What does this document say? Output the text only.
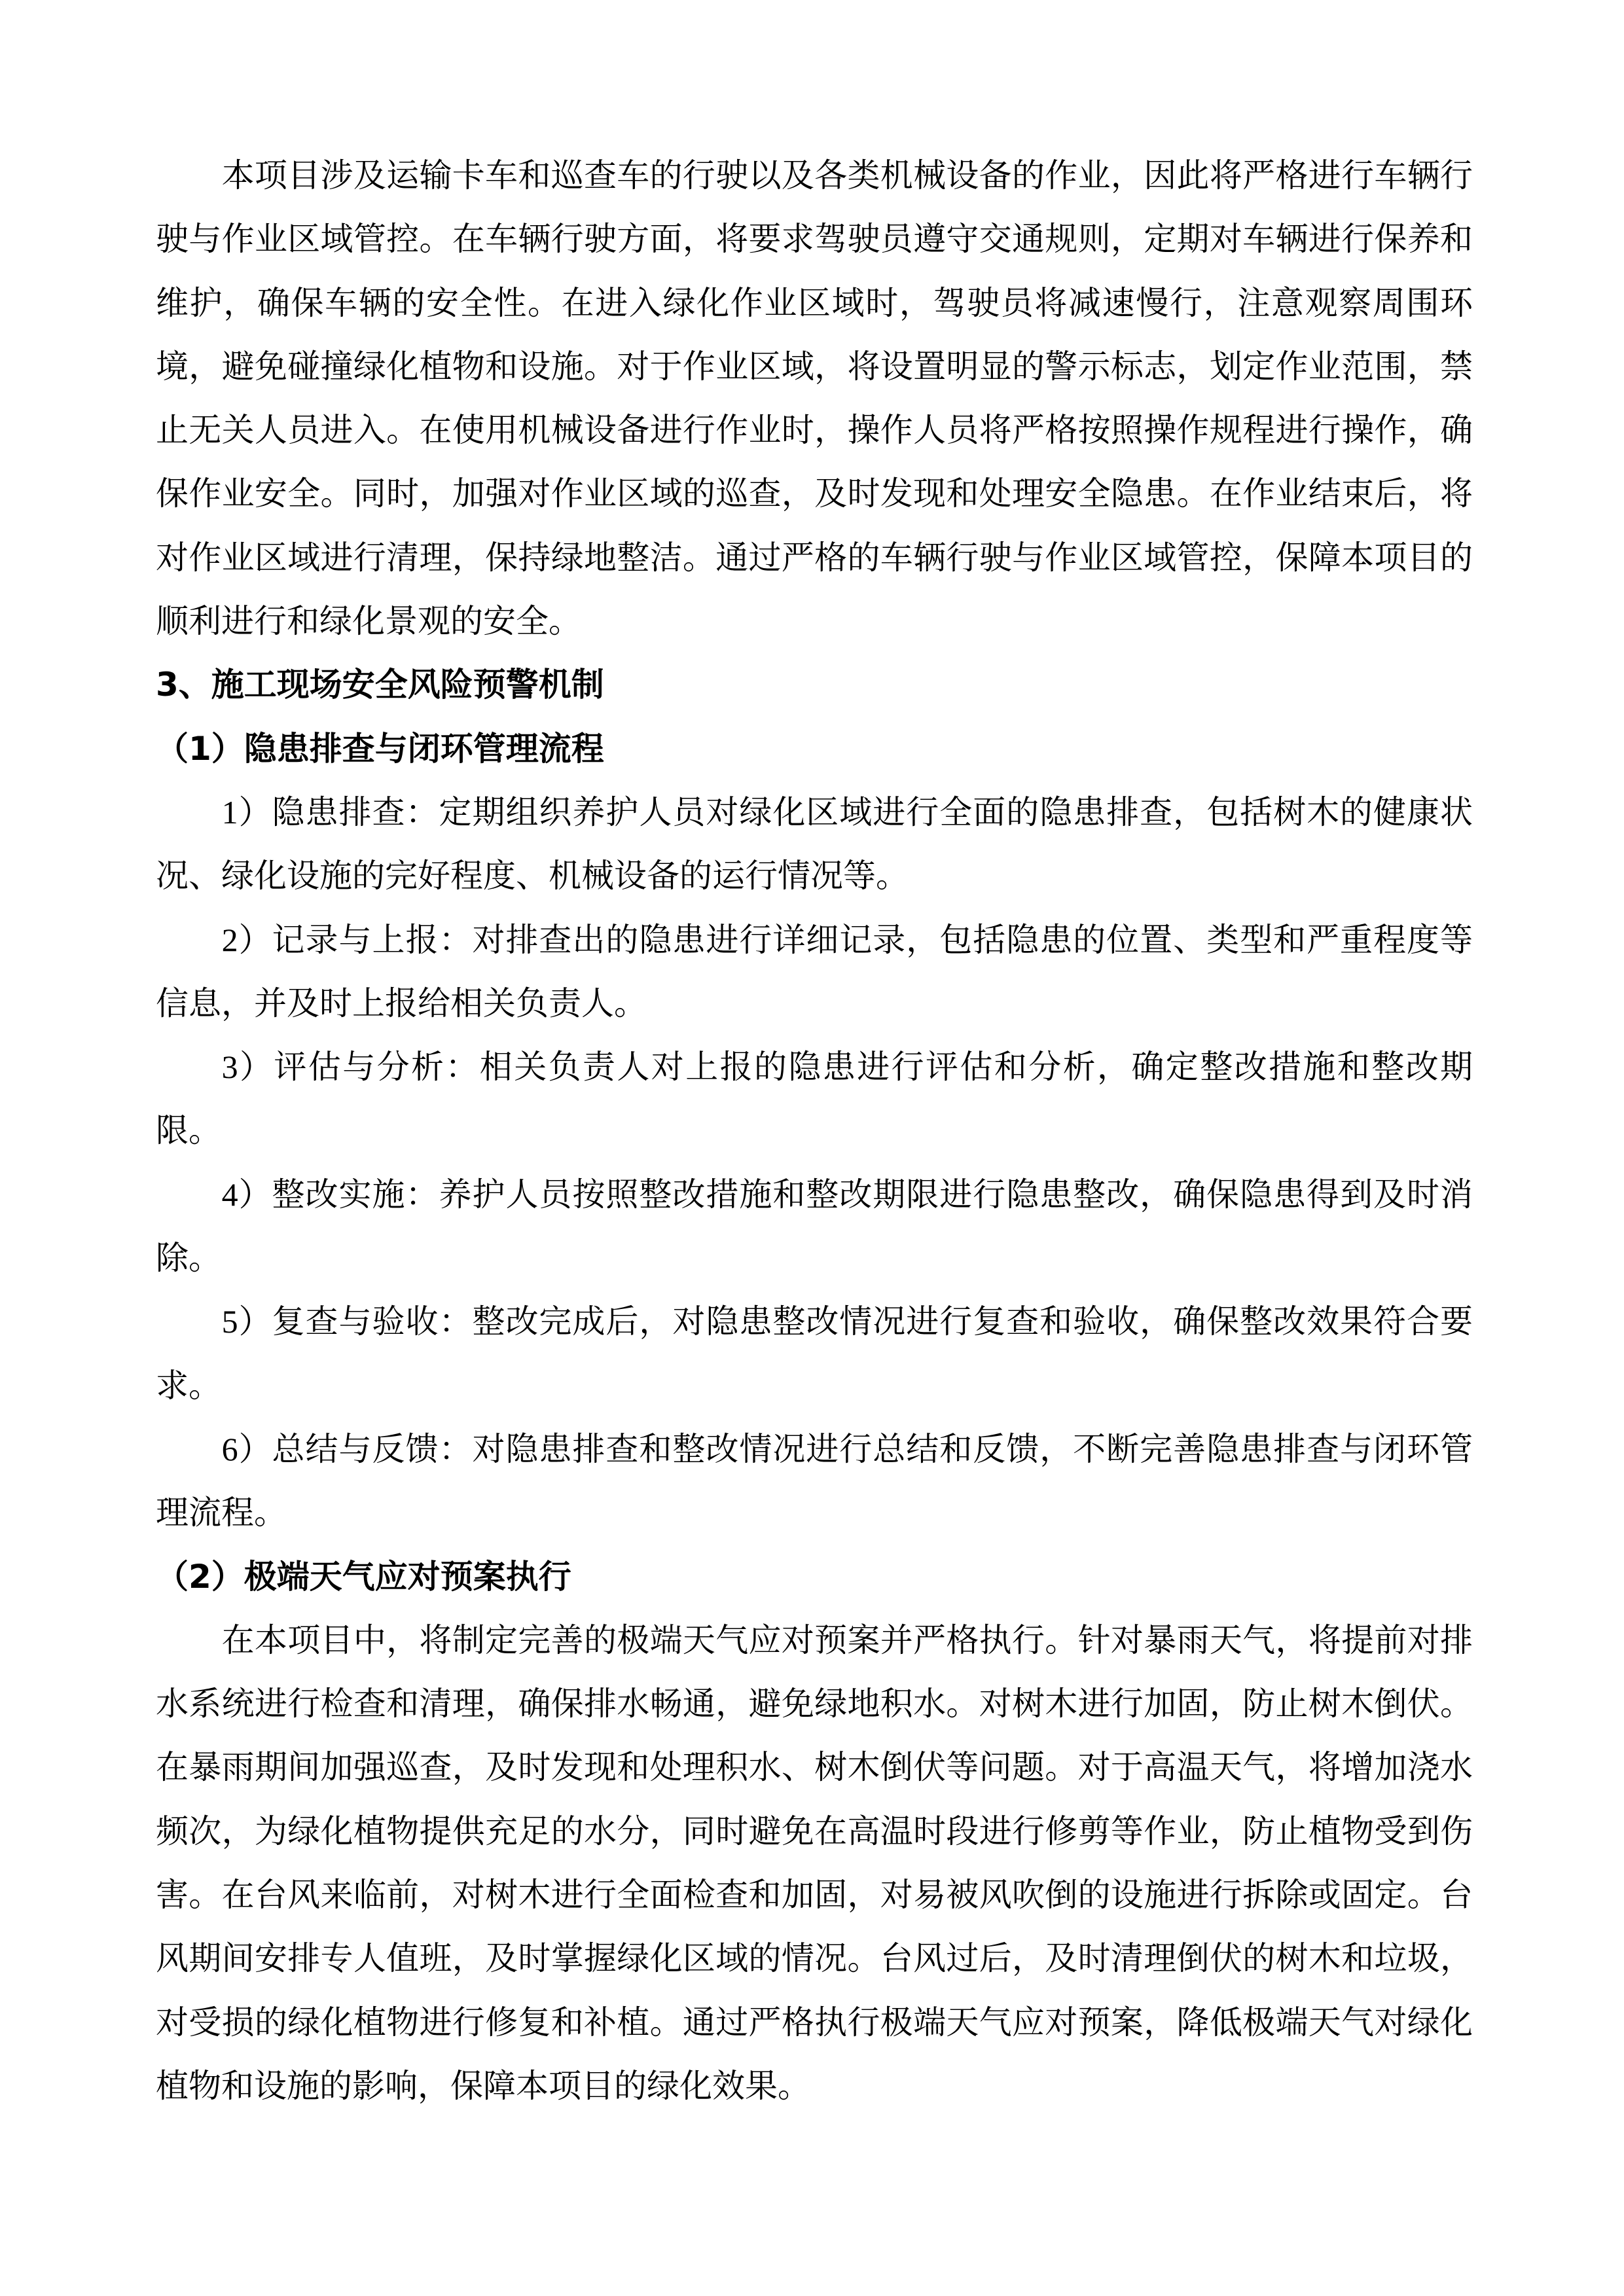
本项目涉及运输卡车和巡查车的行驶以及各类机械设备的作业，因此将严格进行车辆行
驶与作业区域管控。在车辆行驶方面，将要求驾驶员遵守交通规则，定期对车辆进行保养和
维护，确保车辆的安全性。在进入绿化作业区域时，驾驶员将减速慢行，注意观察周围环
境，避免碰撞绿化植物和设施。对于作业区域，将设置明显的警示标志，划定作业范围，禁
止无关人员进入。在使用机械设备进行作业时，操作人员将严格按照操作规程进行操作，确
保作业安全。同时，加强对作业区域的巡查，及时发现和处理安全隐患。在作业结束后，将
对作业区域进行清理，保持绿地整洁。通过严格的车辆行驶与作业区域管控，保障本项目的
顺利进行和绿化景观的安全。
3、施工现场安全风险预警机制
（1）隐患排查与闭环管理流程
1）隐患排查：定期组织养护人员对绿化区域进行全面的隐患排查，包括树木的健康状
况、绿化设施的完好程度、机械设备的运行情况等。
2）记录与上报：对排查出的隐患进行详细记录，包括隐患的位置、类型和严重程度等
信息，并及时上报给相关负责人。
3）评估与分析：相关负责人对上报的隐患进行评估和分析，确定整改措施和整改期
限。
4）整改实施：养护人员按照整改措施和整改期限进行隐患整改，确保隐患得到及时消
除。
5）复查与验收：整改完成后，对隐患整改情况进行复查和验收，确保整改效果符合要
求。
6）总结与反馈：对隐患排查和整改情况进行总结和反馈，不断完善隐患排查与闭环管
理流程。
（2）极端天气应对预案执行
在本项目中，将制定完善的极端天气应对预案并严格执行。针对暴雨天气，将提前对排
水系统进行检查和清理，确保排水畅通，避免绿地积水。对树木进行加固，防止树木倒伏。
在暴雨期间加强巡查，及时发现和处理积水、树木倒伏等问题。对于高温天气，将增加浇水
频次，为绿化植物提供充足的水分，同时避免在高温时段进行修剪等作业，防止植物受到伤
害。在台风来临前，对树木进行全面检查和加固，对易被风吹倒的设施进行拆除或固定。台
风期间安排专人值班，及时掌握绿化区域的情况。台风过后，及时清理倒伏的树木和垃圾，
对受损的绿化植物进行修复和补植。通过严格执行极端天气应对预案，降低极端天气对绿化
植物和设施的影响，保障本项目的绿化效果。
